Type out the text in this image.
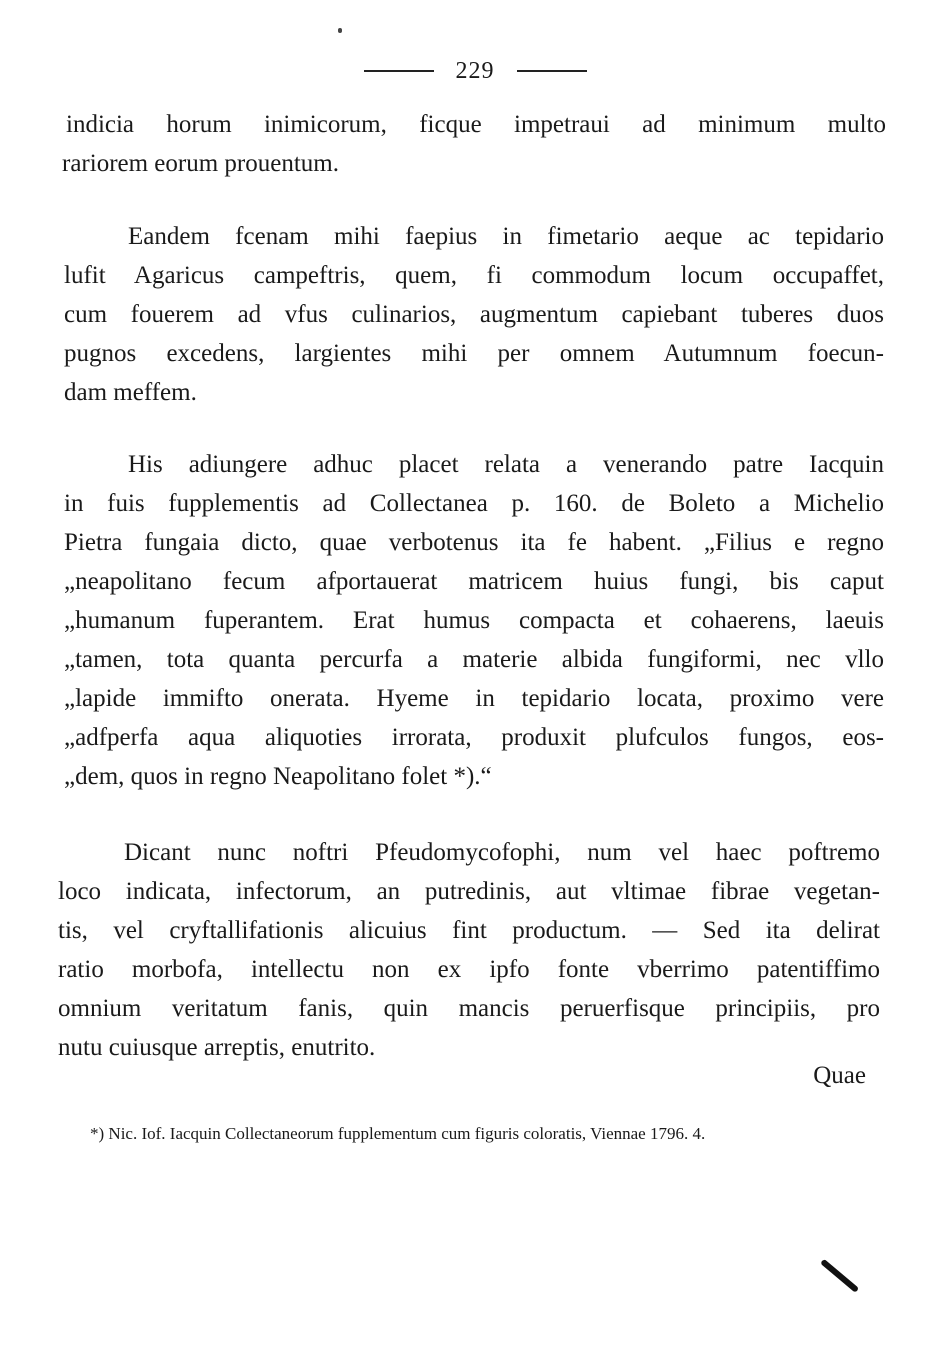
229
indicia horum inimicorum, ficque impetraui ad minimum multo
rariorem eorum prouentum.
Eandem fcenam mihi faepius in fimetario aeque ac tepidario
lufit Agaricus campeftris, quem, fi commodum locum occupaffet,
cum fouerem ad vfus culinarios, augmentum capiebant tuberes duos
pugnos excedens, largientes mihi per omnem Autumnum foecun-
dam meffem.
His adiungere adhuc placet relata a venerando patre Iacquin
in fuis fupplementis ad Collectanea p. 160. de Boleto a Michelio
Pietra fungaia dicto, quae verbotenus ita fe habent. „Filius e regno
„neapolitano fecum afportauerat matricem huius fungi, bis caput
„humanum fuperantem. Erat humus compacta et cohaerens, laeuis
„tamen, tota quanta percurfa a materie albida fungiformi, nec vllo
„lapide immifto onerata. Hyeme in tepidario locata, proximo vere
„adfperfa aqua aliquoties irrorata, produxit plufculos fungos, eos-
„dem, quos in regno Neapolitano folet *).“
Dicant nunc noftri Pfeudomycofophi, num vel haec poftremo
loco indicata, infectorum, an putredinis, aut vltimae fibrae vegetan-
tis, vel cryftallifationis alicuius fint productum. — Sed ita delirat
ratio morbofa, intellectu non ex ipfo fonte vberrimo patentiffimo
omnium veritatum fanis, quin mancis peruerfisque principiis, pro
nutu cuiusque arreptis, enutrito.
Quae
*) Nic. Iof. Iacquin Collectaneorum fupplementum cum figuris coloratis, Viennae 1796. 4.
